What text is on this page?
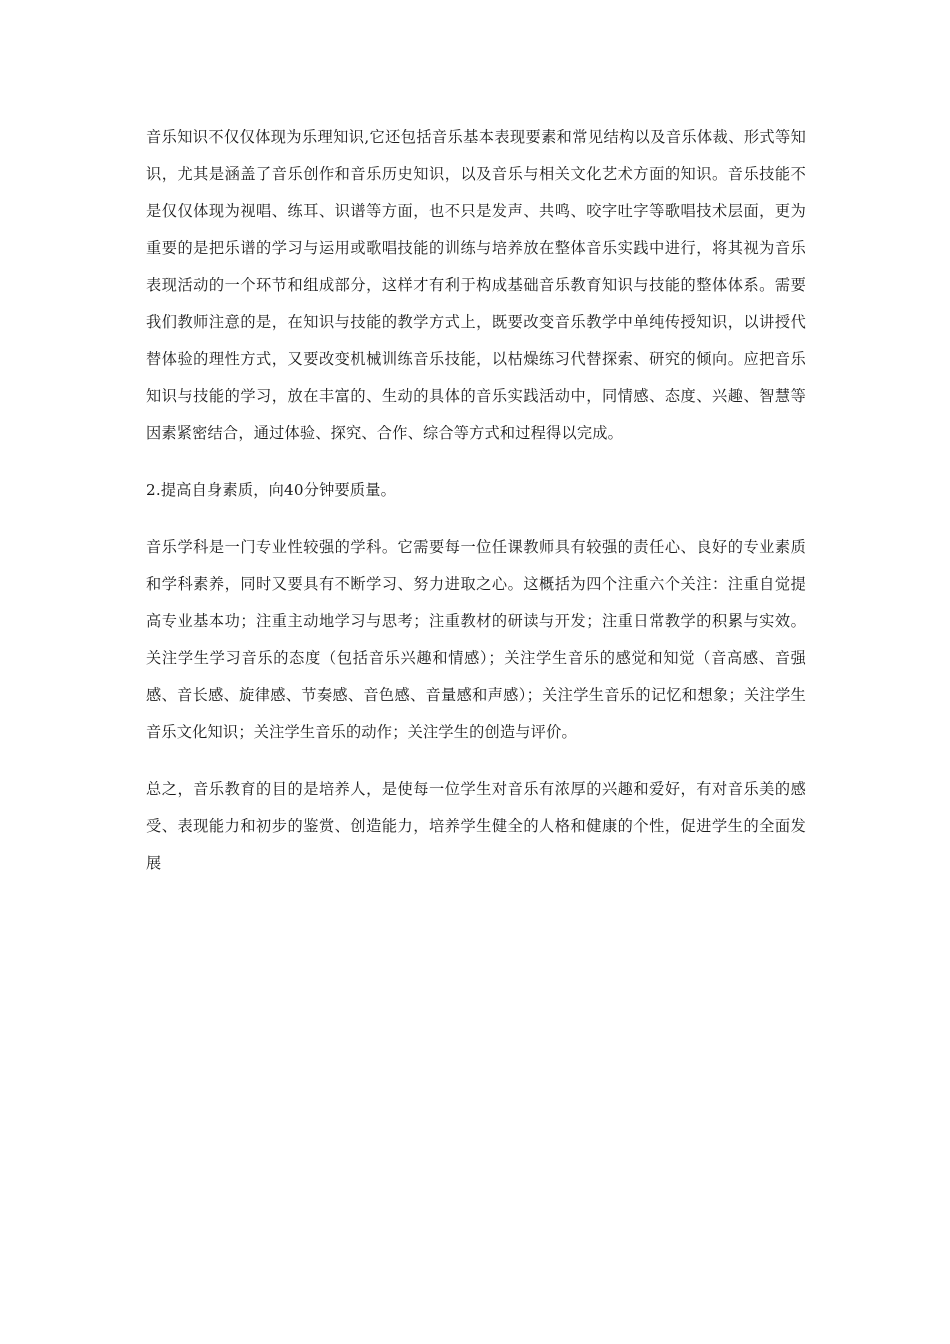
音乐知识不仅仅体现为乐理知识,它还包括音乐基本表现要素和常见结构以及音乐体裁、形式等知识，尤其是涵盖了音乐创作和音乐历史知识，以及音乐与相关文化艺术方面的知识。音乐技能不是仅仅体现为视唱、练耳、识谱等方面，也不只是发声、共鸣、咬字吐字等歌唱技术层面，更为重要的是把乐谱的学习与运用或歌唱技能的训练与培养放在整体音乐实践中进行，将其视为音乐表现活动的一个环节和组成部分，这样才有利于构成基础音乐教育知识与技能的整体体系。需要我们教师注意的是，在知识与技能的教学方式上，既要改变音乐教学中单纯传授知识，以讲授代替体验的理性方式，又要改变机械训练音乐技能，以枯燥练习代替探索、研究的倾向。应把音乐知识与技能的学习，放在丰富的、生动的具体的音乐实践活动中，同情感、态度、兴趣、智慧等因素紧密结合，通过体验、探究、合作、综合等方式和过程得以完成。

2.提高自身素质，向40分钟要质量。

音乐学科是一门专业性较强的学科。它需要每一位任课教师具有较强的责任心、良好的专业素质和学科素养，同时又要具有不断学习、努力进取之心。这概括为四个注重六个关注：注重自觉提高专业基本功；注重主动地学习与思考；注重教材的研读与开发；注重日常教学的积累与实效。关注学生学习音乐的态度（包括音乐兴趣和情感）；关注学生音乐的感觉和知觉（音高感、音强感、音长感、旋律感、节奏感、音色感、音量感和声感）；关注学生音乐的记忆和想象；关注学生音乐文化知识；关注学生音乐的动作；关注学生的创造与评价。

总之，音乐教育的目的是培养人，是使每一位学生对音乐有浓厚的兴趣和爱好，有对音乐美的感受、表现能力和初步的鉴赏、创造能力，培养学生健全的人格和健康的个性，促进学生的全面发展
